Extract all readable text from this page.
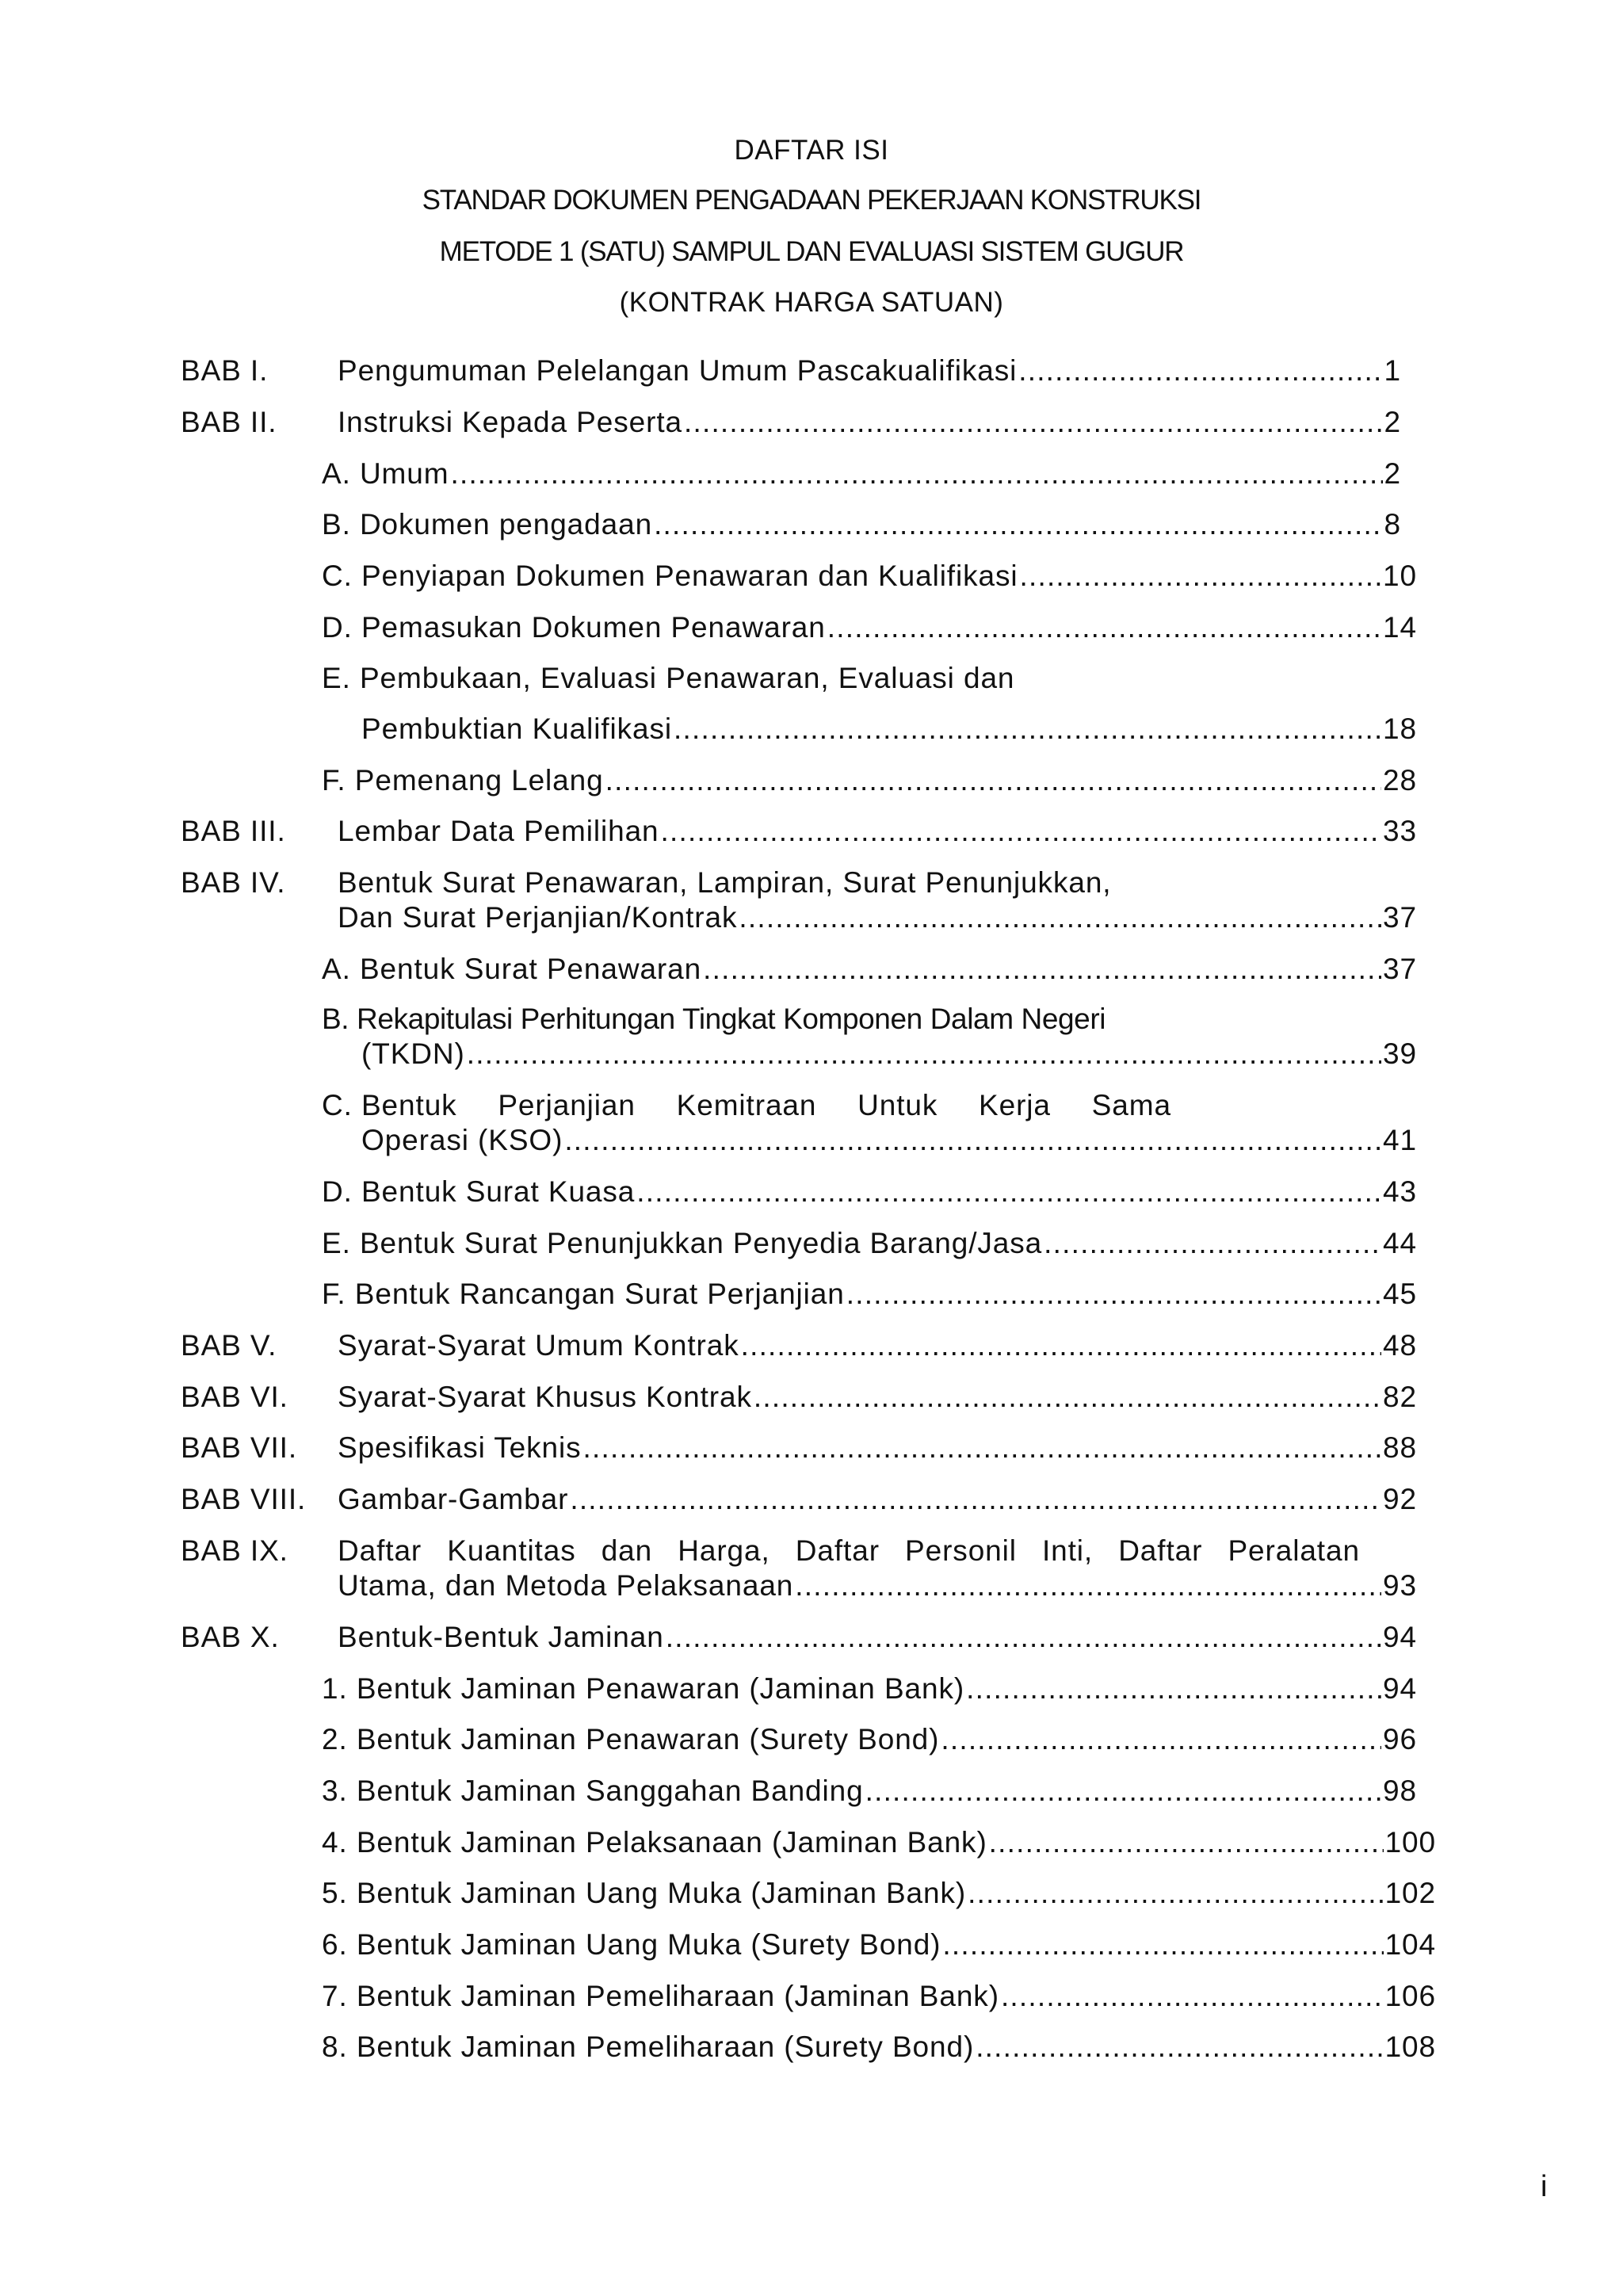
DAFTAR ISI
STANDAR DOKUMEN PENGADAAN PEKERJAAN KONSTRUKSI
METODE 1 (SATU) SAMPUL DAN EVALUASI SISTEM GUGUR
(KONTRAK HARGA SATUAN)
BAB I. Pengumuman Pelelangan Umum Pascakualifikasi .....	1
BAB II. Instruksi Kepada Peserta .....	2
A. Umum .....	2
B. Dokumen pengadaan .....	8
C. Penyiapan Dokumen Penawaran dan Kualifikasi .....	10
D. Pemasukan Dokumen Penawaran .....	14
E. Pembukaan, Evaluasi Penawaran, Evaluasi dan
Pembuktian Kualifikasi .....	18
F. Pemenang Lelang .....	28
BAB III. Lembar Data Pemilihan .....	33
BAB IV. Bentuk Surat Penawaran, Lampiran, Surat Penunjukkan,
Dan Surat Perjanjian/Kontrak .....	37
A. Bentuk Surat Penawaran .....	37
B. Rekapitulasi Perhitungan Tingkat Komponen Dalam Negeri
(TKDN) .....	39
C. Bentuk Perjanjian Kemitraan Untuk Kerja Sama
Operasi (KSO) .....	41
D. Bentuk Surat Kuasa .....	43
E. Bentuk Surat Penunjukkan Penyedia Barang/Jasa .....	44
F. Bentuk Rancangan Surat Perjanjian .....	45
BAB V. Syarat-Syarat Umum Kontrak .....	48
BAB VI. Syarat-Syarat Khusus Kontrak .....	82
BAB VII. Spesifikasi Teknis .....	88
BAB VIII. Gambar-Gambar .....	92
BAB IX. Daftar Kuantitas dan Harga, Daftar Personil Inti, Daftar Peralatan
Utama, dan Metoda Pelaksanaan .....	93
BAB X. Bentuk-Bentuk Jaminan .....	94
1. Bentuk Jaminan Penawaran (Jaminan Bank) .....	94
2. Bentuk Jaminan Penawaran (Surety Bond) .....	96
3. Bentuk Jaminan Sanggahan Banding .....	98
4. Bentuk Jaminan Pelaksanaan (Jaminan Bank) .....	100
5. Bentuk Jaminan Uang Muka (Jaminan Bank) .....	102
6. Bentuk Jaminan Uang Muka (Surety Bond) .....	104
7. Bentuk Jaminan Pemeliharaan (Jaminan Bank) .....	106
8. Bentuk Jaminan Pemeliharaan (Surety Bond) .....	108
i
